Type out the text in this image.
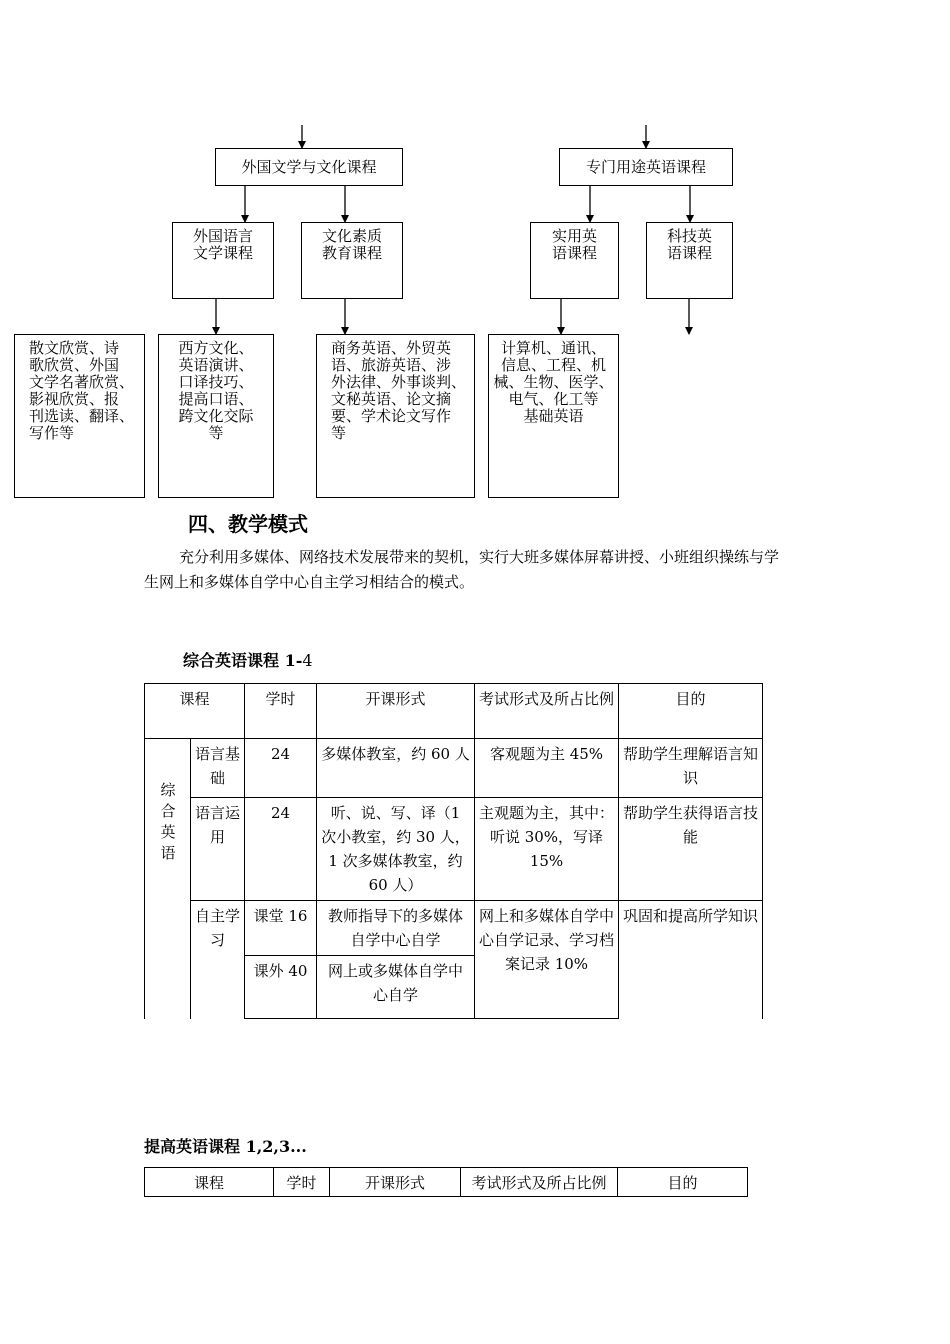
外国文学与文化课程	专门用途英语课程
外国语言
文学课程
文化素质
教育课程
实用英
语课程
科技英
语课程
散文欣赏、诗
歌欣赏、外国
文学名著欣赏、
影视欣赏、报
刊选读、翻译、
写作等
西方文化、
英语演讲、
口译技巧、
提高口语、
跨文化交际
等
商务英语、外贸英
语、旅游英语、涉
外法律、外事谈判、
文秘英语、论文摘
要、学术论文写作
等
计算机、通讯、
信息、工程、机
械、生物、医学、
电气、化工等
基础英语
四、教学模式
充分利用多媒体、网络技术发展带来的契机，实行大班多媒体屏幕讲授、小班组织操练与学生网上和多媒体自学中心自主学习相结合的模式。
综合英语课程 1-4
课程		学时	开课形式	考试形式及所占比例	目的

综合英语	语言基础	24	多媒体教室，约 60 人	客观题为主 45%	帮助学生理解语言知识
	语言运用	24	听、说、写、译（1 次小教室，约 30 人，1 次多媒体教室，约 60 人）	主观题为主，其中：听说 30%，写译 15%	帮助学生获得语言技能
	自主学习	课堂 16	教师指导下的多媒体自学中心自学	网上和多媒体自学中心自学记录、学习档案记录 10%	巩固和提高所学知识
		课外 40	网上或多媒体自学中心自学		
提高英语课程 1,2,3...
课程	学时	开课形式	考试形式及所占比例	目的
